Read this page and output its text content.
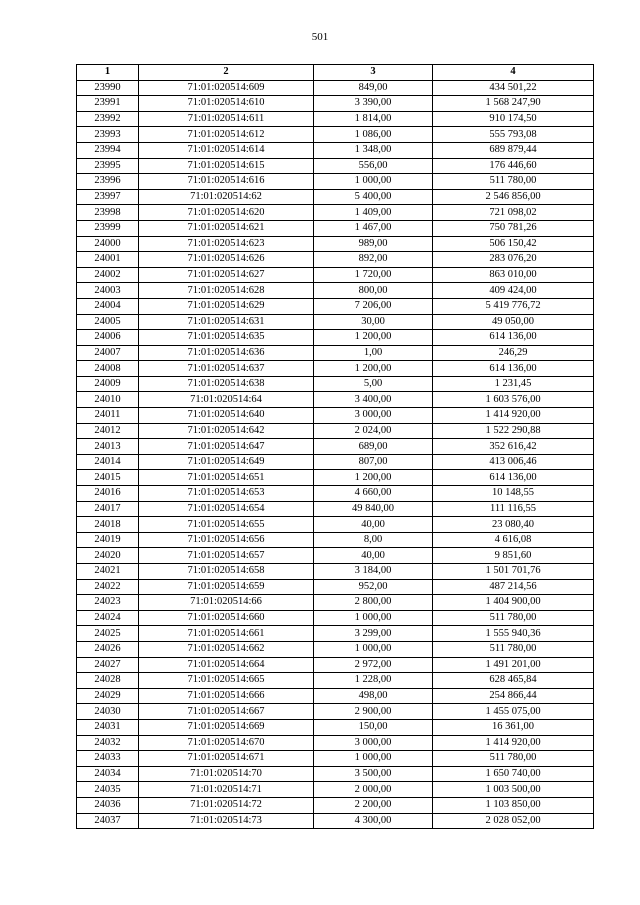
501
1	2	3	4
23990	71:01:020514:609	849,00	434 501,22
23991	71:01:020514:610	3 390,00	1 568 247,90
23992	71:01:020514:611	1 814,00	910 174,50
23993	71:01:020514:612	1 086,00	555 793,08
23994	71:01:020514:614	1 348,00	689 879,44
23995	71:01:020514:615	556,00	176 446,60
23996	71:01:020514:616	1 000,00	511 780,00
23997	71:01:020514:62	5 400,00	2 546 856,00
23998	71:01:020514:620	1 409,00	721 098,02
23999	71:01:020514:621	1 467,00	750 781,26
24000	71:01:020514:623	989,00	506 150,42
24001	71:01:020514:626	892,00	283 076,20
24002	71:01:020514:627	1 720,00	863 010,00
24003	71:01:020514:628	800,00	409 424,00
24004	71:01:020514:629	7 206,00	5 419 776,72
24005	71:01:020514:631	30,00	49 050,00
24006	71:01:020514:635	1 200,00	614 136,00
24007	71:01:020514:636	1,00	246,29
24008	71:01:020514:637	1 200,00	614 136,00
24009	71:01:020514:638	5,00	1 231,45
24010	71:01:020514:64	3 400,00	1 603 576,00
24011	71:01:020514:640	3 000,00	1 414 920,00
24012	71:01:020514:642	2 024,00	1 522 290,88
24013	71:01:020514:647	689,00	352 616,42
24014	71:01:020514:649	807,00	413 006,46
24015	71:01:020514:651	1 200,00	614 136,00
24016	71:01:020514:653	4 660,00	10 148,55
24017	71:01:020514:654	49 840,00	111 116,55
24018	71:01:020514:655	40,00	23 080,40
24019	71:01:020514:656	8,00	4 616,08
24020	71:01:020514:657	40,00	9 851,60
24021	71:01:020514:658	3 184,00	1 501 701,76
24022	71:01:020514:659	952,00	487 214,56
24023	71:01:020514:66	2 800,00	1 404 900,00
24024	71:01:020514:660	1 000,00	511 780,00
24025	71:01:020514:661	3 299,00	1 555 940,36
24026	71:01:020514:662	1 000,00	511 780,00
24027	71:01:020514:664	2 972,00	1 491 201,00
24028	71:01:020514:665	1 228,00	628 465,84
24029	71:01:020514:666	498,00	254 866,44
24030	71:01:020514:667	2 900,00	1 455 075,00
24031	71:01:020514:669	150,00	16 361,00
24032	71:01:020514:670	3 000,00	1 414 920,00
24033	71:01:020514:671	1 000,00	511 780,00
24034	71:01:020514:70	3 500,00	1 650 740,00
24035	71:01:020514:71	2 000,00	1 003 500,00
24036	71:01:020514:72	2 200,00	1 103 850,00
24037	71:01:020514:73	4 300,00	2 028 052,00
